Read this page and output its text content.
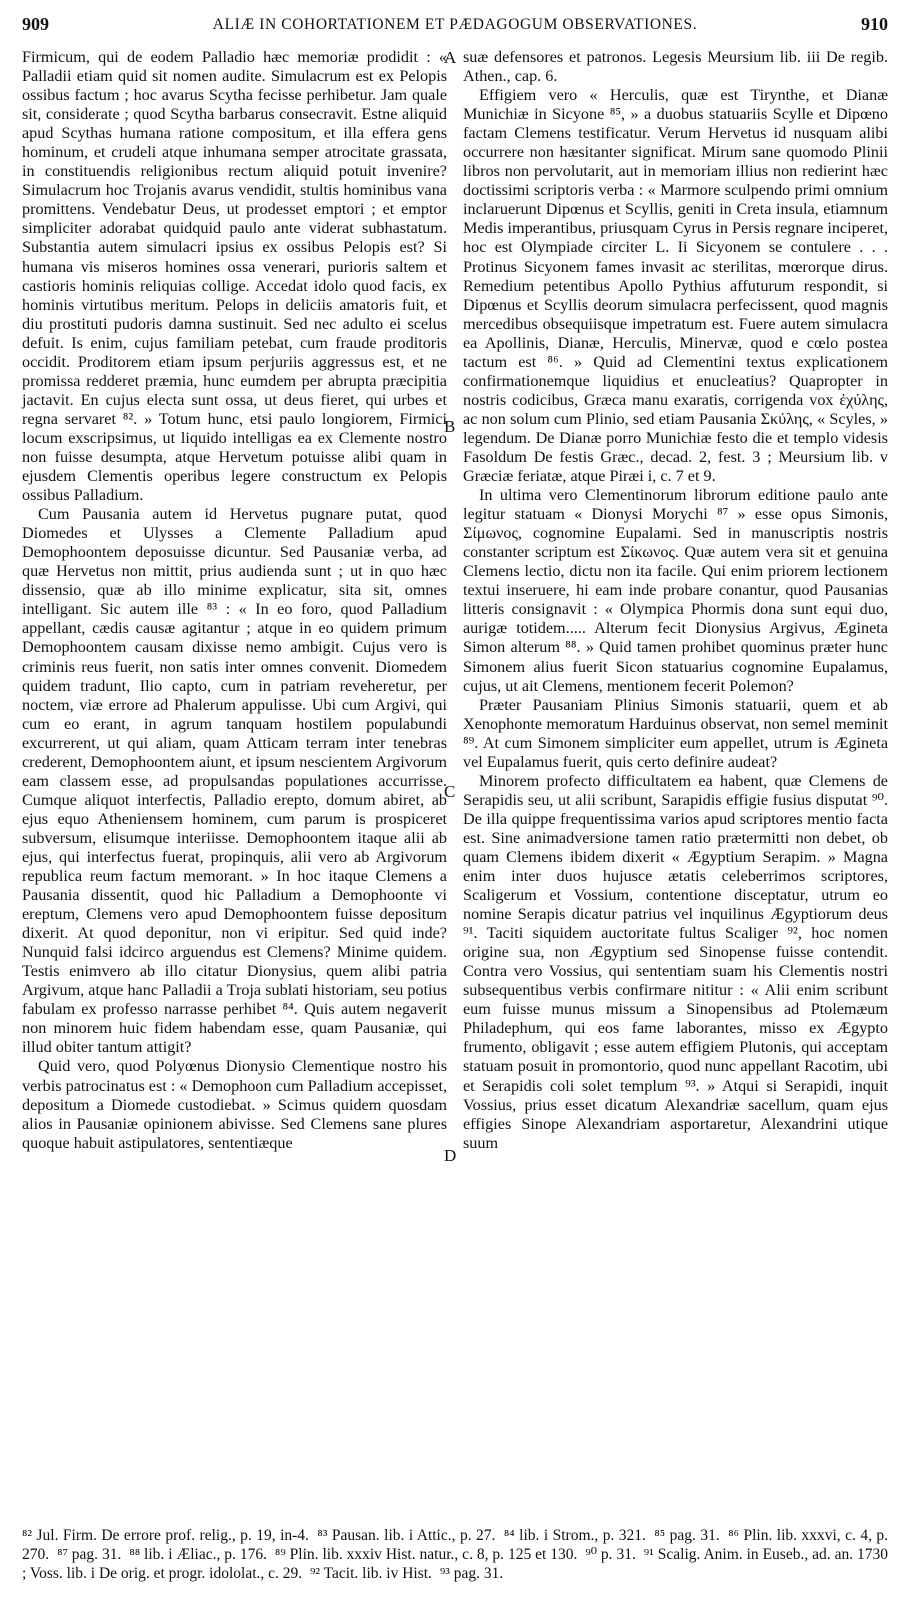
909	ALIÆ IN COHORTATIONEM ET PÆDAGOGUM OBSERVATIONES.	910

Firmicum, qui de eodem Palladio hæc memoriæ prodidit : « Palladii etiam quid sit nomen audite. Simulacrum est ex Pelopis ossibus factum ; hoc avarus Scytha fecisse perhibetur. Jam quale sit, considerate ; quod Scytha barbarus consecravit. Estne aliquid apud Scythas humana ratione compositum, et illa effera gens hominum, et crudeli atque inhumana semper atrocitate grassata, in constituendis religionibus rectum aliquid potuit invenire? Simulacrum hoc Trojanis avarus vendidit, stultis hominibus vana promittens. Vendebatur Deus, ut prodesset emptori ; et emptor simpliciter adorabat quidquid paulo ante viderat subhastatum. Substantia autem simulacri ipsius ex ossibus Pelopis est? Si humana vis miseros homines ossa venerari, purioris saltem et castioris hominis reliquias collige. Accedat idolo quod facis, ex hominis virtutibus meritum. Pelops in deliciis amatoris fuit, et diu prostituti pudoris damna sustinuit. Sed nec adulto ei scelus defuit. Is enim, cujus familiam petebat, cum fraude proditoris occidit. Proditorem etiam ipsum perjuriis aggressus est, et ne promissa redderet præmia, hunc eumdem per abrupta præcipitia jactavit. En cujus electa sunt ossa, ut deus fieret, qui urbes et regna servaret ⁸². » Totum hunc, etsi paulo longiorem, Firmici locum exscripsimus, ut liquido intelligas ea ex Clemente nostro non fuisse desumpta, atque Hervetum potuisse alibi quam in ejusdem Clementis operibus legere constructum ex Pelopis ossibus Palladium.

Cum Pausania autem id Hervetus pugnare putat, quod Diomedes et Ulysses a Clemente Palladium apud Demophoontem deposuisse dicuntur. Sed Pausaniæ verba, ad quæ Hervetus non mittit, prius audienda sunt ; ut in quo hæc dissensio, quæ ab illo minime explicatur, sita sit, omnes intelligant. Sic autem ille ⁸³ : « In eo foro, quod Palladium appellant, cædis causæ agitantur ; atque in eo quidem primum Demophoontem causam dixisse nemo ambigit. Cujus vero is criminis reus fuerit, non satis inter omnes convenit. Diomedem quidem tradunt, Ilio capto, cum in patriam reveheretur, per noctem, viæ errore ad Phalerum appulisse. Ubi cum Argivi, qui cum eo erant, in agrum tanquam hostilem populabundi excurrerent, ut qui aliam, quam Atticam terram inter tenebras crederent, Demophoontem aiunt, et ipsum nescientem Argivorum eam classem esse, ad propulsandas populationes accurrisse. Cumque aliquot interfectis, Palladio erepto, domum abiret, ab ejus equo Atheniensem hominem, cum parum is prospiceret subversum, elisumque interiisse. Demophoontem itaque alii ab ejus, qui interfectus fuerat, propinquis, alii vero ab Argivorum republica reum factum memorant. » In hoc itaque Clemens a Pausania dissentit, quod hic Palladium a Demophoonte vi ereptum, Clemens vero apud Demophoontem fuisse depositum dixerit. At quod deponitur, non vi eripitur. Sed quid inde? Nunquid falsi idcirco arguendus est Clemens? Minime quidem. Testis enimvero ab illo citatur Dionysius, quem alibi patria Argivum, atque hanc Palladii a Troja sublati historiam, seu potius fabulam ex professo narrasse perhibet ⁸⁴. Quis autem negaverit non minorem huic fidem habendam esse, quam Pausaniæ, qui illud obiter tantum attigit?

Quid vero, quod Polyœnus Dionysio Clementique nostro his verbis patrocinatus est : « Demophoon cum Palladium accepisset, depositum a Diomede custodiebat. » Scimus quidem quosdam alios in Pausaniæ opinionem abivisse. Sed Clemens sane plures quoque habuit astipulatores, sententiæque

A
B
C
D

suæ defensores et patronos. Legesis Meursium lib. iii De regib. Athen., cap. 6.

Effigiem vero « Herculis, quæ est Tirynthe, et Dianæ Munichiæ in Sicyone ⁸⁵, » a duobus statuariis Scylle et Dipœno factam Clemens testificatur. Verum Hervetus id nusquam alibi occurrere non hæsitanter significat. Mirum sane quomodo Plinii libros non pervolutarit, aut in memoriam illius non redierint hæc doctissimi scriptoris verba : « Marmore sculpendo primi omnium inclaruerunt Dipœnus et Scyllis, geniti in Creta insula, etiamnum Medis imperantibus, priusquam Cyrus in Persis regnare inciperet, hoc est Olympiade circiter L. Ii Sicyonem se contulere . . . Protinus Sicyonem fames invasit ac sterilitas, mœrorque dirus. Remedium petentibus Apollo Pythius affuturum respondit, si Dipœnus et Scyllis deorum simulacra perfecissent, quod magnis mercedibus obsequiisque impetratum est. Fuere autem simulacra ea Apollinis, Dianæ, Herculis, Minervæ, quod e cœlo postea tactum est ⁸⁶. » Quid ad Clementini textus explicationem confirmationemque liquidius et enucleatius? Quapropter in nostris codicibus, Græca manu exaratis, corrigenda vox ἐχύλης, ac non solum cum Plinio, sed etiam Pausania Σκύλης, « Scyles, » legendum. De Dianæ porro Munichiæ festo die et templo videsis Fasoldum De festis Græc., decad. 2, fest. 3 ; Meursium lib. v Græciæ feriatæ, atque Piræi i, c. 7 et 9.

In ultima vero Clementinorum librorum editione paulo ante legitur statuam « Dionysi Morychi ⁸⁷ » esse opus Simonis, Σίμωνος, cognomine Eupalami. Sed in manuscriptis nostris constanter scriptum est Σίκωνος. Quæ autem vera sit et genuina Clemens lectio, dictu non ita facile. Qui enim priorem lectionem textui inseruere, hi eam inde probare conantur, quod Pausanias litteris consignavit : « Olympica Phormis dona sunt equi duo, aurigæ totidem..... Alterum fecit Dionysius Argivus, Ægineta Simon alterum ⁸⁸. » Quid tamen prohibet quominus præter hunc Simonem alius fuerit Sicon statuarius cognomine Eupalamus, cujus, ut ait Clemens, mentionem fecerit Polemon?

Præter Pausaniam Plinius Simonis statuarii, quem et ab Xenophonte memoratum Harduinus observat, non semel meminit ⁸⁹. At cum Simonem simpliciter eum appellet, utrum is Ægineta vel Eupalamus fuerit, quis certo definire audeat?

Minorem profecto difficultatem ea habent, quæ Clemens de Serapidis seu, ut alii scribunt, Sarapidis effigie fusius disputat ⁹⁰. De illa quippe frequentissima varios apud scriptores mentio facta est. Sine animadversione tamen ratio prætermitti non debet, ob quam Clemens ibidem dixerit « Ægyptium Serapim. » Magna enim inter duos hujusce ætatis celeberrimos scriptores, Scaligerum et Vossium, contentione disceptatur, utrum eo nomine Serapis dicatur patrius vel inquilinus Ægyptiorum deus ⁹¹. Taciti siquidem auctoritate fultus Scaliger ⁹², hoc nomen origine sua, non Ægyptium sed Sinopense fuisse contendit. Contra vero Vossius, qui sententiam suam his Clementis nostri subsequentibus verbis confirmare nititur : « Alii enim scribunt eum fuisse munus missum a Sinopensibus ad Ptolemæum Philadephum, qui eos fame laborantes, misso ex Ægypto frumento, obligavit ; esse autem effigiem Plutonis, qui acceptam statuam posuit in promontorio, quod nunc appellant Racotim, ubi et Serapidis coli solet templum ⁹³. » Atqui si Serapidi, inquit Vossius, prius esset dicatum Alexandriæ sacellum, quam ejus effigies Sinope Alexandriam asportaretur, Alexandrini utique suum

⁸² Jul. Firm. De errore prof. relig., p. 19, in-4. ⁸³ Pausan. lib. i Attic., p. 27. ⁸⁴ lib. i Strom., p. 321. ⁸⁵ pag. 31. ⁸⁶ Plin. lib. xxxvi, c. 4, p. 270. ⁸⁷ pag. 31. ⁸⁸ lib. i Æliac., p. 176. ⁸⁹ Plin. lib. xxxiv Hist. natur., c. 8, p. 125 et 130. ⁹⁰ p. 31. ⁹¹ Scalig. Anim. in Euseb., ad. an. 1730 ; Voss. lib. i De orig. et progr. idololat., c. 29. ⁹² Tacit. lib. iv Hist. ⁹³ pag. 31.
